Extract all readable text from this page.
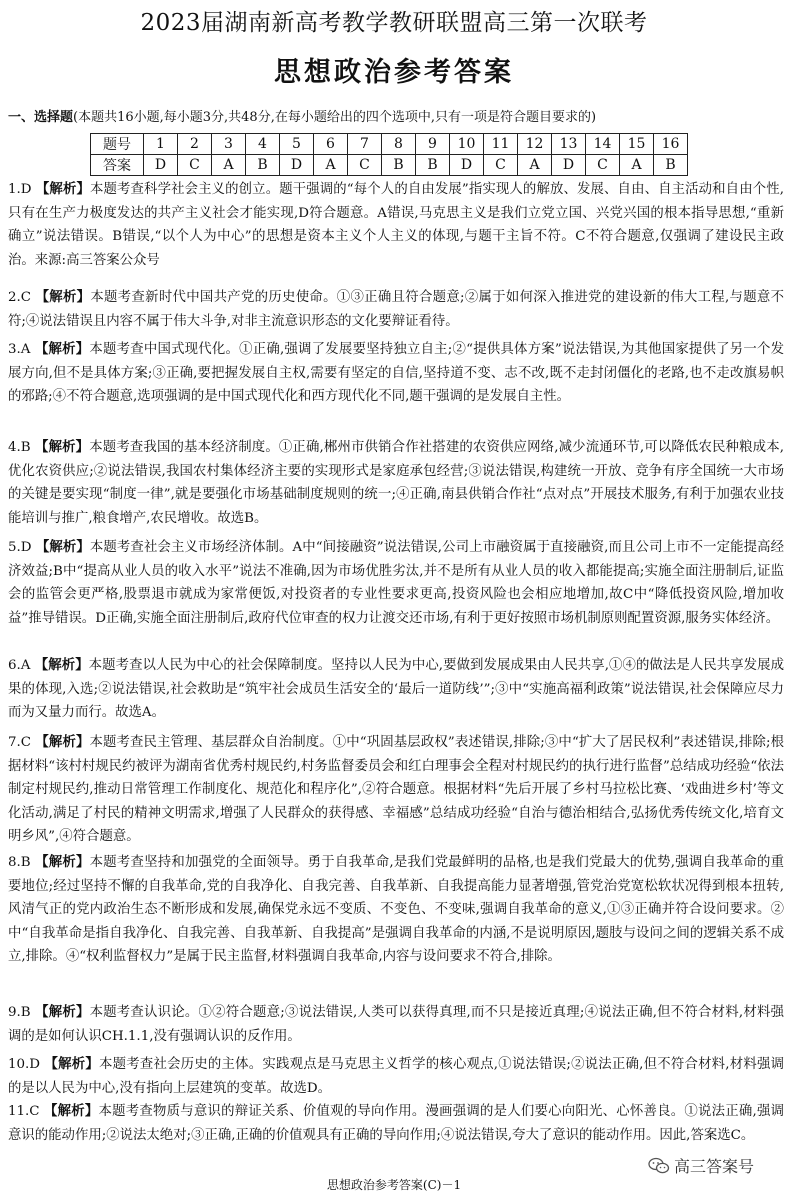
2023届湖南新高考教学教研联盟高三第一次联考
思想政治参考答案
一、选择题(本题共16小题,每小题3分,共48分,在每小题给出的四个选项中,只有一项是符合题目要求的)
题号	1	2	3	4	5	6	7	8	9	10	11	12	13	14	15	16
答案	D	C	A	B	D	A	C	B	B	D	C	A	D	C	A	B

1.D 【解析】本题考查科学社会主义的创立。题干强调的“每个人的自由发展”指实现人的解放、发展、自由、自主活动和自由个性,只有在生产力极度发达的共产主义社会才能实现,D符合题意。A错误,马克思主义是我们立党立国、兴党兴国的根本指导思想,“重新确立”说法错误。B错误,“以个人为中心”的思想是资本主义个人主义的体现,与题干主旨不符。C不符合题意,仅强调了建设民主政治。来源:高三答案公众号

2.C 【解析】本题考查新时代中国共产党的历史使命。①③正确且符合题意;②属于如何深入推进党的建设新的伟大工程,与题意不符;④说法错误且内容不属于伟大斗争,对非主流意识形态的文化要辩证看待。

3.A 【解析】本题考查中国式现代化。①正确,强调了发展要坚持独立自主;②“提供具体方案”说法错误,为其他国家提供了另一个发展方向,但不是具体方案;③正确,要把握发展自主权,需要有坚定的自信,坚持道不变、志不改,既不走封闭僵化的老路,也不走改旗易帜的邪路;④不符合题意,选项强调的是中国式现代化和西方现代化不同,题干强调的是发展自主性。

4.B 【解析】本题考查我国的基本经济制度。①正确,郴州市供销合作社搭建的农资供应网络,减少流通环节,可以降低农民种粮成本,优化农资供应;②说法错误,我国农村集体经济主要的实现形式是家庭承包经营;③说法错误,构建统一开放、竞争有序全国统一大市场的关键是要实现“制度一律”,就是要强化市场基础制度规则的统一;④正确,南县供销合作社“点对点”开展技术服务,有利于加强农业技能培训与推广,粮食增产,农民增收。故选B。

5.D 【解析】本题考查社会主义市场经济体制。A中“间接融资”说法错误,公司上市融资属于直接融资,而且公司上市不一定能提高经济效益;B中“提高从业人员的收入水平”说法不准确,因为市场优胜劣汰,并不是所有从业人员的收入都能提高;实施全面注册制后,证监会的监管会更严格,股票退市就成为家常便饭,对投资者的专业性要求更高,投资风险也会相应地增加,故C中“降低投资风险,增加收益”推导错误。D正确,实施全面注册制后,政府代位审查的权力让渡交还市场,有利于更好按照市场机制原则配置资源,服务实体经济。

6.A 【解析】本题考查以人民为中心的社会保障制度。坚持以人民为中心,要做到发展成果由人民共享,①④的做法是人民共享发展成果的体现,入选;②说法错误,社会救助是“筑牢社会成员生活安全的‘最后一道防线’”;③中“实施高福利政策”说法错误,社会保障应尽力而为又量力而行。故选A。

7.C 【解析】本题考查民主管理、基层群众自治制度。①中“巩固基层政权”表述错误,排除;③中“扩大了居民权利”表述错误,排除;根据材料“该村村规民约被评为湖南省优秀村规民约,村务监督委员会和红白理事会全程对村规民约的执行进行监督”总结成功经验“依法制定村规民约,推动日常管理工作制度化、规范化和程序化”,②符合题意。根据材料“先后开展了乡村马拉松比赛、‘戏曲进乡村’等文化活动,满足了村民的精神文明需求,增强了人民群众的获得感、幸福感”总结成功经验“自治与德治相结合,弘扬优秀传统文化,培育文明乡风”,④符合题意。

8.B 【解析】本题考查坚持和加强党的全面领导。勇于自我革命,是我们党最鲜明的品格,也是我们党最大的优势,强调自我革命的重要地位;经过坚持不懈的自我革命,党的自我净化、自我完善、自我革新、自我提高能力显著增强,管党治党宽松软状况得到根本扭转,风清气正的党内政治生态不断形成和发展,确保党永远不变质、不变色、不变味,强调自我革命的意义,①③正确并符合设问要求。②中“自我革命是指自我净化、自我完善、自我革新、自我提高”是强调自我革命的内涵,不是说明原因,题肢与设问之间的逻辑关系不成立,排除。④“权利监督权力”是属于民主监督,材料强调自我革命,内容与设问要求不符合,排除。

9.B 【解析】本题考查认识论。①②符合题意;③说法错误,人类可以获得真理,而不只是接近真理;④说法正确,但不符合材料,材料强调的是如何认识CH.1.1,没有强调认识的反作用。

10.D 【解析】本题考查社会历史的主体。实践观点是马克思主义哲学的核心观点,①说法错误;②说法正确,但不符合材料,材料强调的是以人民为中心,没有指向上层建筑的变革。故选D。

11.C 【解析】本题考查物质与意识的辩证关系、价值观的导向作用。漫画强调的是人们要心向阳光、心怀善良。①说法正确,强调意识的能动作用;②说法太绝对;③正确,正确的价值观具有正确的导向作用;④说法错误,夸大了意识的能动作用。因此,答案选C。

高三答案号
思想政治参考答案(C)－1
